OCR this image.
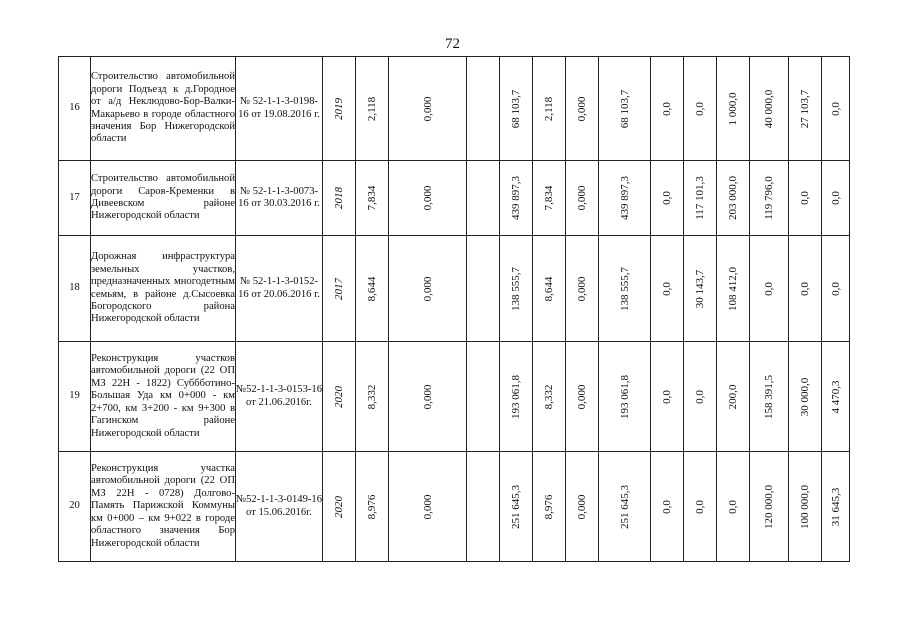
72
16	Строительство автомобильной дороги Подъезд к д.Городное от а/д Неклюдово-Бор-Валки-Макарьево в городе областного значения Бор Нижегородской области	№ 52-1-1-3-0198-16 от 19.08.2016 г.	2019	2,118	0,000		68 103,7	2,118	0,000	68 103,7	0,0	0,0	1 000,0	40 000,0	27 103,7	0,0

17	Строительство автомобильной дороги Саров-Кременки в Дивеевском районе Нижегородской области	№ 52-1-1-3-0073-16 от 30.03.2016 г.	2018	7,834	0,000		439 897,3	7,834	0,000	439 897,3	0,0	117 101,3	203 000,0	119 796,0	0,0	0,0

18	Дорожная инфраструктура земельных участков, предназначенных многодетным семьям, в районе д.Сысоевка Богородского района Нижегородской области	№ 52-1-1-3-0152-16 от 20.06.2016 г.	2017	8,644	0,000		138 555,7	8,644	0,000	138 555,7	0,0	30 143,7	108 412,0	0,0	0,0	0,0

19	Реконструкция участков автомобильной дороги (22 ОП МЗ 22Н - 1822) Суббботино-Большая Уда км 0+000 - км 2+700, км 3+200 - км 9+300 в Гагинском районе Нижегородской области	№52-1-1-3-0153-16 от 21.06.2016г.	2020	8,332	0,000		193 061,8	8,332	0,000	193 061,8	0,0	0,0	200,0	158 391,5	30 000,0	4 470,3

20	Реконструкция участка автомобильной дороги (22 ОП МЗ 22Н - 0728) Долгово-Память Парижской Коммуны км 0+000 – км 9+022 в городе областного значения Бор Нижегородской области	№52-1-1-3-0149-16 от 15.06.2016г.	2020	8,976	0,000		251 645,3	8,976	0,000	251 645,3	0,0	0,0	0,0	120 000,0	100 000,0	31 645,3
